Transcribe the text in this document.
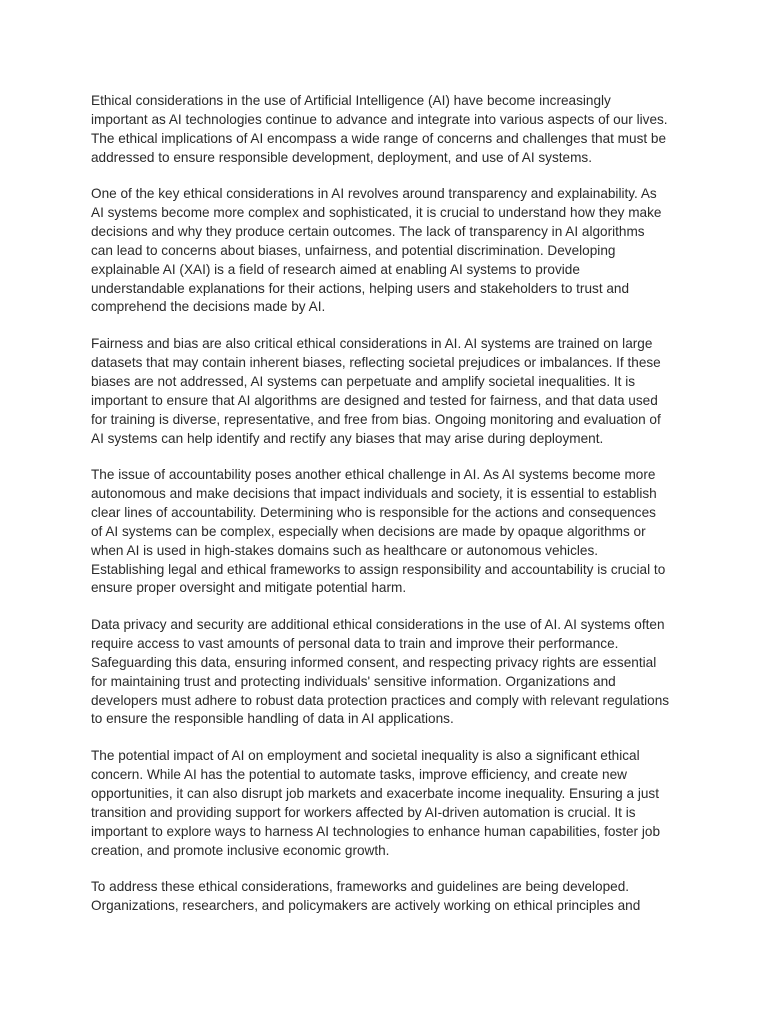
Ethical considerations in the use of Artificial Intelligence (AI) have become increasingly
important as AI technologies continue to advance and integrate into various aspects of our lives.
The ethical implications of AI encompass a wide range of concerns and challenges that must be
addressed to ensure responsible development, deployment, and use of AI systems.

One of the key ethical considerations in AI revolves around transparency and explainability. As
AI systems become more complex and sophisticated, it is crucial to understand how they make
decisions and why they produce certain outcomes. The lack of transparency in AI algorithms
can lead to concerns about biases, unfairness, and potential discrimination. Developing
explainable AI (XAI) is a field of research aimed at enabling AI systems to provide
understandable explanations for their actions, helping users and stakeholders to trust and
comprehend the decisions made by AI.

Fairness and bias are also critical ethical considerations in AI. AI systems are trained on large
datasets that may contain inherent biases, reflecting societal prejudices or imbalances. If these
biases are not addressed, AI systems can perpetuate and amplify societal inequalities. It is
important to ensure that AI algorithms are designed and tested for fairness, and that data used
for training is diverse, representative, and free from bias. Ongoing monitoring and evaluation of
AI systems can help identify and rectify any biases that may arise during deployment.

The issue of accountability poses another ethical challenge in AI. As AI systems become more
autonomous and make decisions that impact individuals and society, it is essential to establish
clear lines of accountability. Determining who is responsible for the actions and consequences
of AI systems can be complex, especially when decisions are made by opaque algorithms or
when AI is used in high-stakes domains such as healthcare or autonomous vehicles.
Establishing legal and ethical frameworks to assign responsibility and accountability is crucial to
ensure proper oversight and mitigate potential harm.

Data privacy and security are additional ethical considerations in the use of AI. AI systems often
require access to vast amounts of personal data to train and improve their performance.
Safeguarding this data, ensuring informed consent, and respecting privacy rights are essential
for maintaining trust and protecting individuals' sensitive information. Organizations and
developers must adhere to robust data protection practices and comply with relevant regulations
to ensure the responsible handling of data in AI applications.

The potential impact of AI on employment and societal inequality is also a significant ethical
concern. While AI has the potential to automate tasks, improve efficiency, and create new
opportunities, it can also disrupt job markets and exacerbate income inequality. Ensuring a just
transition and providing support for workers affected by AI-driven automation is crucial. It is
important to explore ways to harness AI technologies to enhance human capabilities, foster job
creation, and promote inclusive economic growth.

To address these ethical considerations, frameworks and guidelines are being developed.
Organizations, researchers, and policymakers are actively working on ethical principles and
